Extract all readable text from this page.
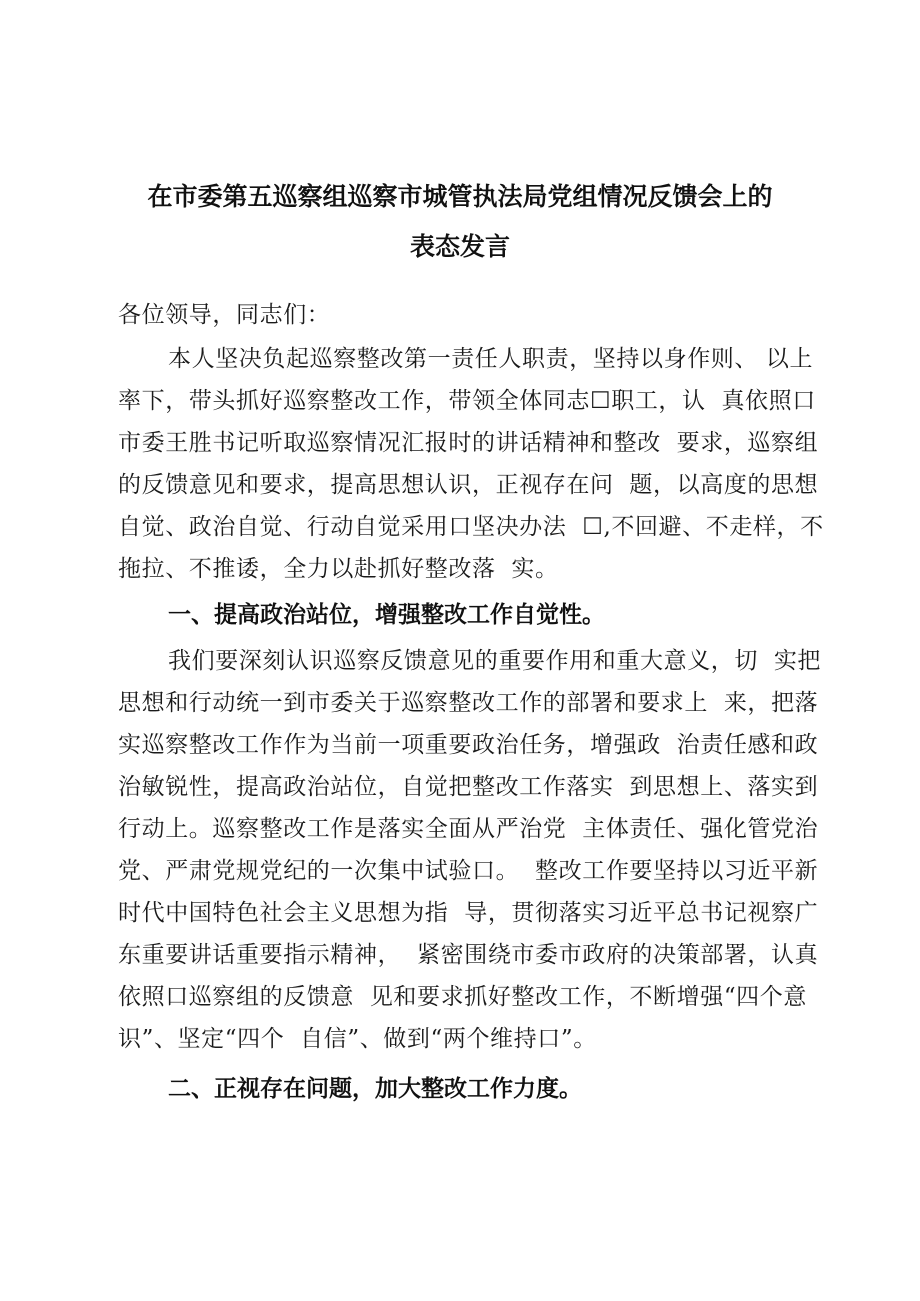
在市委第五巡察组巡察市城管执法局党组情况反馈会上的
表态发言
各位领导，同志们：
本人坚决负起巡察整改第一责任人职责，坚持以身作则、 以上
率下，带头抓好巡察整改工作，带领全体同志☐职工，认  真依照口
市委王胜书记听取巡察情况汇报时的讲话精神和整改  要求，巡察组
的反馈意见和要求，提高思想认识，正视存在问  题，以高度的思想
自觉、政治自觉、行动自觉采用口坚决办法  ☐,不回避、不走样，不
拖拉、不推诿，全力以赴抓好整改落  实。
一、提高政治站位，增强整改工作自觉性。
我们要深刻认识巡察反馈意见的重要作用和重大意义，切  实把
思想和行动统一到市委关于巡察整改工作的部署和要求上  来，把落
实巡察整改工作作为当前一项重要政治任务，增强政  治责任感和政
治敏锐性，提高政治站位，自觉把整改工作落实  到思想上、落实到
行动上。巡察整改工作是落实全面从严治党  主体责任、强化管党治
党、严肃党规党纪的一次集中试验口。  整改工作要坚持以习近平新
时代中国特色社会主义思想为指  导，贯彻落实习近平总书记视察广
东重要讲话重要指示精神，  紧密围绕市委市政府的决策部署，认真
依照口巡察组的反馈意  见和要求抓好整改工作，不断增强“四个意
识”、坚定“四个  自信”、做到“两个维持口”。
二、正视存在问题，加大整改工作力度。
